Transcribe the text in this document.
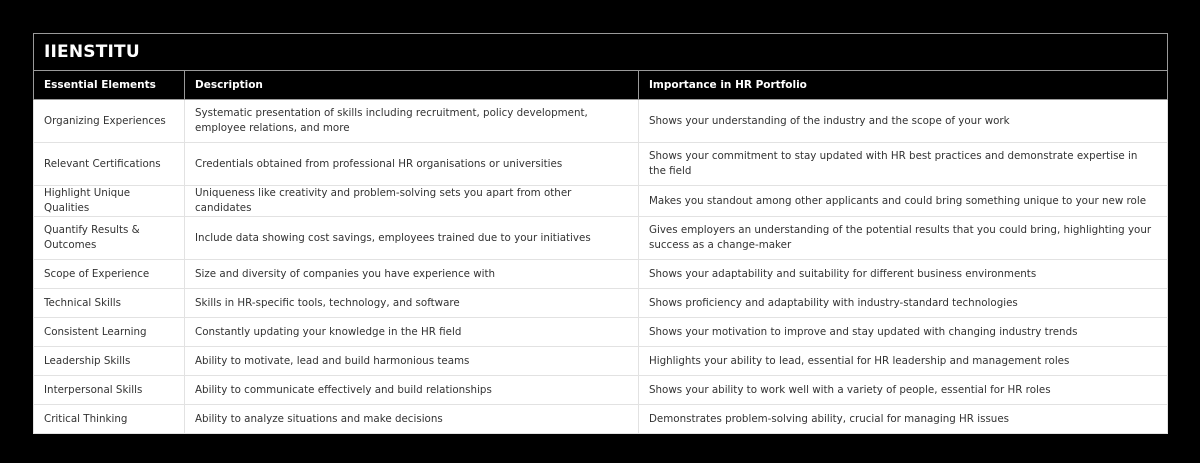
IIENSTITU		
Essential Elements	Description	Importance in HR Portfolio
Organizing Experiences	Systematic presentation of skills including recruitment, policy development, employee relations, and more	Shows your understanding of the industry and the scope of your work
Relevant Certifications	Credentials obtained from professional HR organisations or universities	Shows your commitment to stay updated with HR best practices and demonstrate expertise in the field
Highlight Unique Qualities	Uniqueness like creativity and problem-solving sets you apart from other candidates	Makes you standout among other applicants and could bring something unique to your new role
Quantify Results & Outcomes	Include data showing cost savings, employees trained due to your initiatives	Gives employers an understanding of the potential results that you could bring, highlighting your success as a change-maker
Scope of Experience	Size and diversity of companies you have experience with	Shows your adaptability and suitability for different business environments
Technical Skills	Skills in HR-specific tools, technology, and software	Shows proficiency and adaptability with industry-standard technologies
Consistent Learning	Constantly updating your knowledge in the HR field	Shows your motivation to improve and stay updated with changing industry trends
Leadership Skills	Ability to motivate, lead and build harmonious teams	Highlights your ability to lead, essential for HR leadership and management roles
Interpersonal Skills	Ability to communicate effectively and build relationships	Shows your ability to work well with a variety of people, essential for HR roles
Critical Thinking	Ability to analyze situations and make decisions	Demonstrates problem-solving ability, crucial for managing HR issues
